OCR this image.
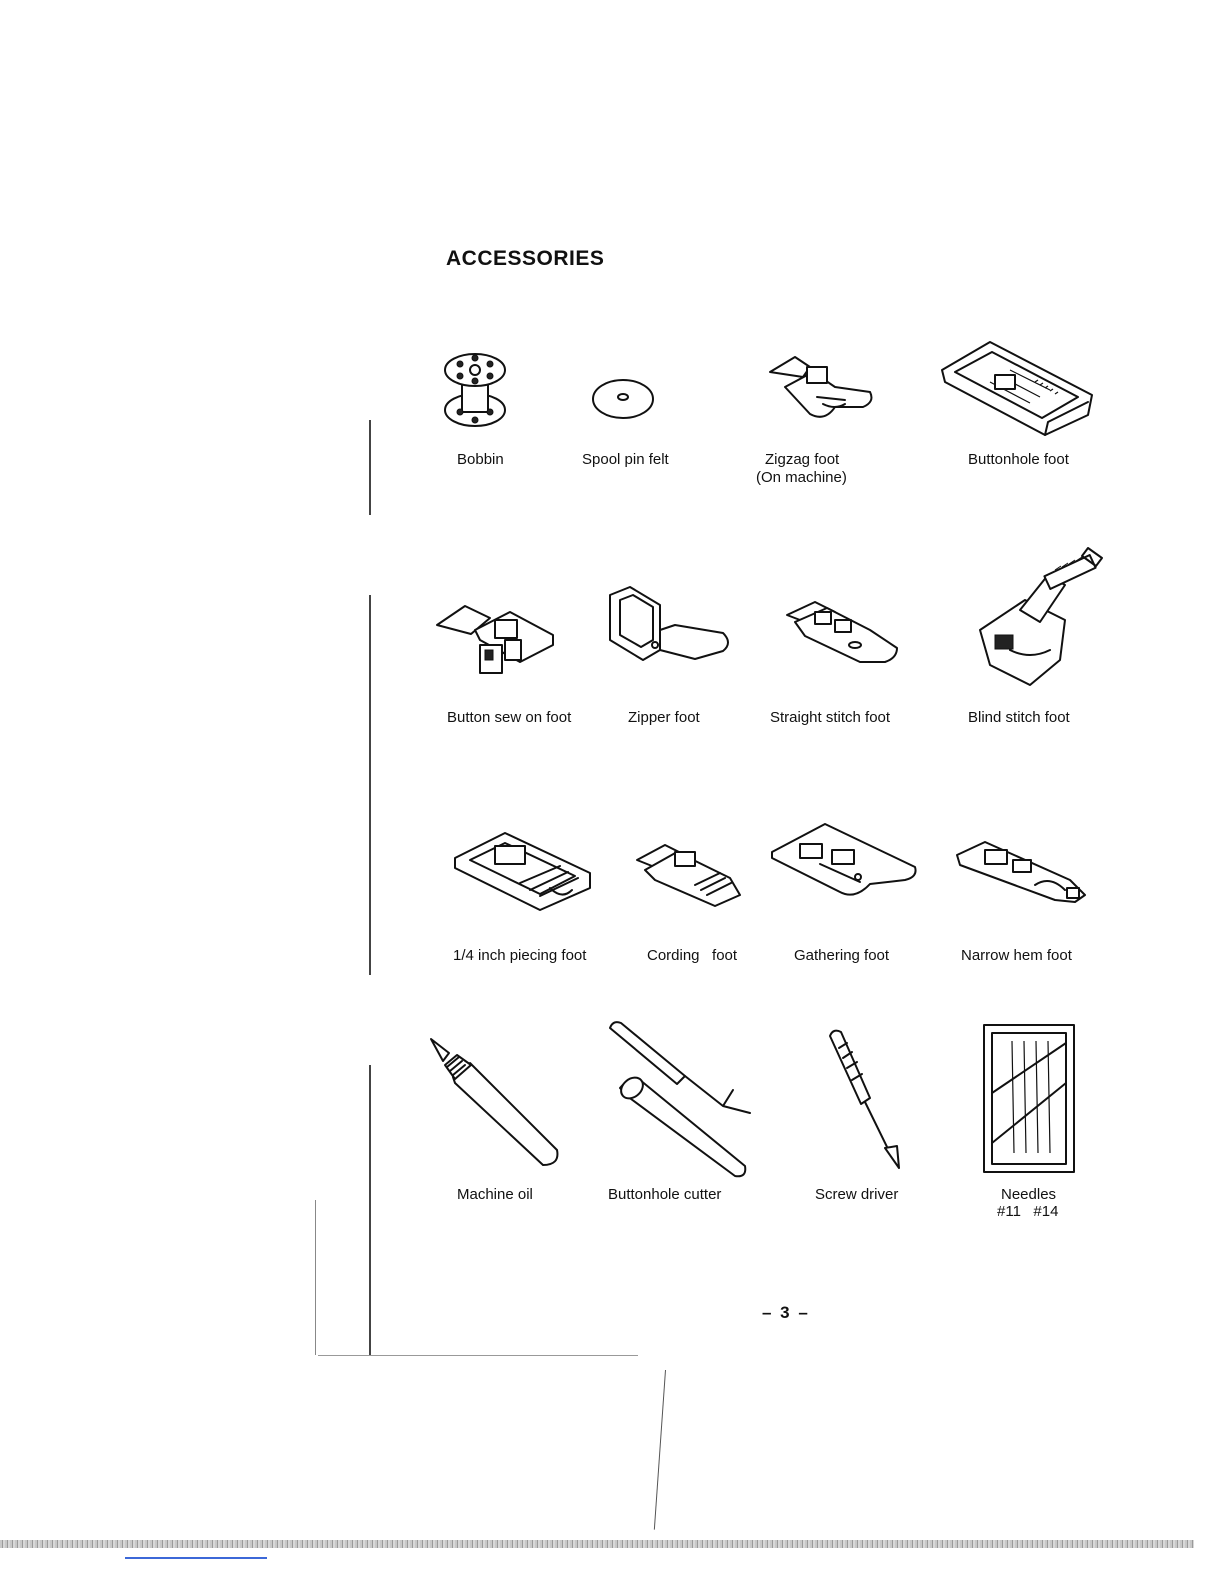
ACCESSORIES
Bobbin	Spool pin felt	Zigzag foot
(On machine)
Buttonhole foot
Button sew on foot	Zipper foot	Straight stitch foot	Blind stitch foot
1/4 inch piecing foot	Cording   foot	Gathering foot	Narrow hem foot
Machine oil	Buttonhole cutter	Screw driver	Needles
#11   #14
– 3 –
